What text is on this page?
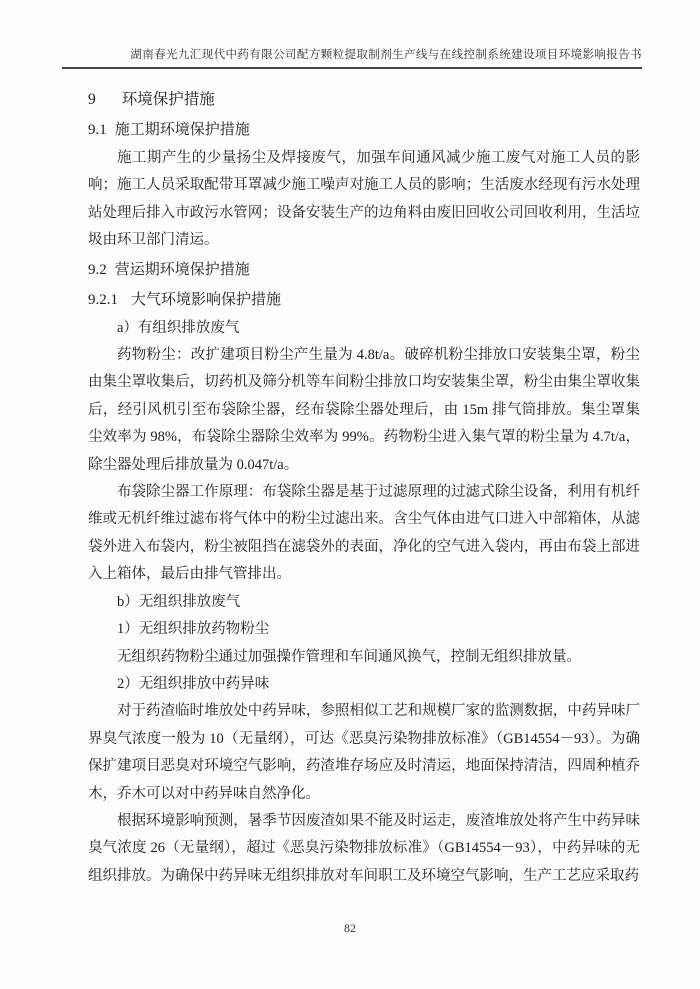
湖南春光九汇现代中药有限公司配方颗粒提取制剂生产线与在线控制系统建设项目环境影响报告书
9 环境保护措施
9.1 施工期环境保护措施

施工期产生的少量扬尘及焊接废气，加强车间通风减少施工废气对施工人员的影响；施工人员采取配带耳罩减少施工噪声对施工人员的影响；生活废水经现有污水处理站处理后排入市政污水管网；设备安装生产的边角料由废旧回收公司回收利用，生活垃圾由环卫部门清运。

9.2 营运期环境保护措施
9.2.1 大气环境影响保护措施

a）有组织排放废气

药物粉尘：改扩建项目粉尘产生量为 4.8t/a。破碎机粉尘排放口安装集尘罩，粉尘由集尘罩收集后，切药机及筛分机等车间粉尘排放口均安装集尘罩，粉尘由集尘罩收集后，经引风机引至布袋除尘器，经布袋除尘器处理后，由 15m 排气筒排放。集尘罩集尘效率为 98%，布袋除尘器除尘效率为 99%。药物粉尘进入集气罩的粉尘量为 4.7t/a，除尘器处理后排放量为 0.047t/a。

布袋除尘器工作原理：布袋除尘器是基于过滤原理的过滤式除尘设备，利用有机纤维或无机纤维过滤布将气体中的粉尘过滤出来。含尘气体由进气口进入中部箱体，从滤袋外进入布袋内，粉尘被阻挡在滤袋外的表面，净化的空气进入袋内，再由布袋上部进入上箱体，最后由排气管排出。

b）无组织排放废气

1）无组织排放药物粉尘

无组织药物粉尘通过加强操作管理和车间通风换气，控制无组织排放量。

2）无组织排放中药异味

对于药渣临时堆放处中药异味，参照相似工艺和规模厂家的监测数据，中药异味厂界臭气浓度一般为 10（无量纲），可达《恶臭污染物排放标准》（GB14554－93）。为确保扩建项目恶臭对环境空气影响，药渣堆存场应及时清运，地面保持清洁，四周种植乔木，乔木可以对中药异味自然净化。

根据环境影响预测，暑季节因废渣如果不能及时运走，废渣堆放处将产生中药异味臭气浓度 26（无量纲），超过《恶臭污染物排放标准》（GB14554－93），中药异味的无组织排放。为确保中药异味无组织排放对车间职工及环境空气影响，生产工艺应采取药

82
